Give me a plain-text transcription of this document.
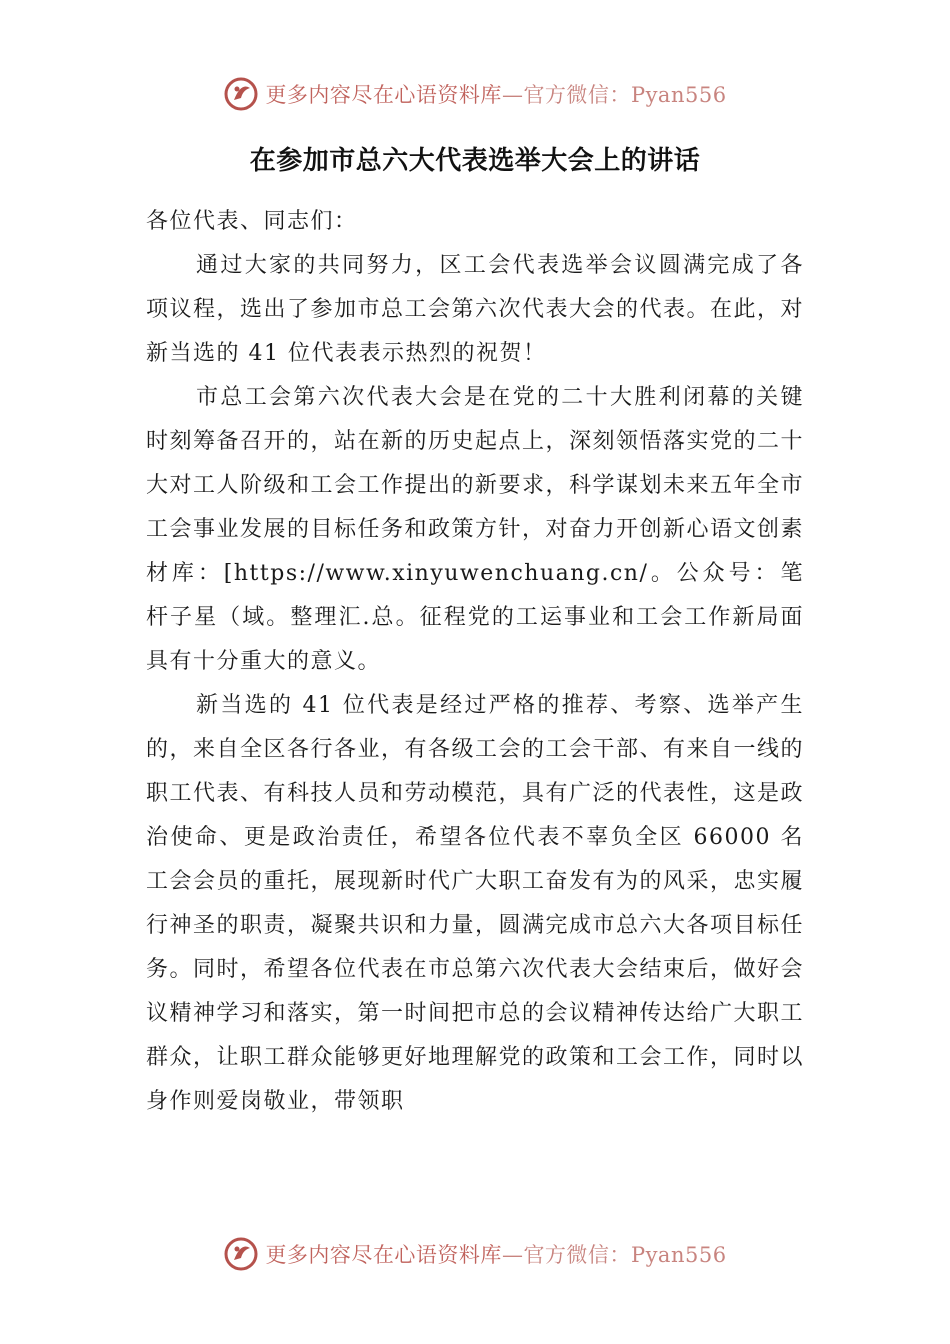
更多内容尽在心语资料库—官方微信：Pyan556
在参加市总六大代表选举大会上的讲话

各位代表、同志们：

通过大家的共同努力，区工会代表选举会议圆满完成了各项议程，选出了参加市总工会第六次代表大会的代表。在此，对新当选的 41 位代表表示热烈的祝贺！

市总工会第六次代表大会是在党的二十大胜利闭幕的关键时刻筹备召开的，站在新的历史起点上，深刻领悟落实党的二十大对工人阶级和工会工作提出的新要求，科学谋划未来五年全市工会事业发展的目标任务和政策方针，对奋力开创新心语文创素材库：[https://www.xinyuwenchuang.cn/。公众号：笔杆子星（域。整理汇.总。征程党的工运事业和工会工作新局面具有十分重大的意义。

新当选的 41 位代表是经过严格的推荐、考察、选举产生的，来自全区各行各业，有各级工会的工会干部、有来自一线的职工代表、有科技人员和劳动模范，具有广泛的代表性，这是政治使命、更是政治责任，希望各位代表不辜负全区 66000 名工会会员的重托，展现新时代广大职工奋发有为的风采，忠实履行神圣的职责，凝聚共识和力量，圆满完成市总六大各项目标任务。同时，希望各位代表在市总第六次代表大会结束后，做好会议精神学习和落实，第一时间把市总的会议精神传达给广大职工群众，让职工群众能够更好地理解党的政策和工会工作，同时以身作则爱岗敬业，带领职

更多内容尽在心语资料库—官方微信：Pyan556
